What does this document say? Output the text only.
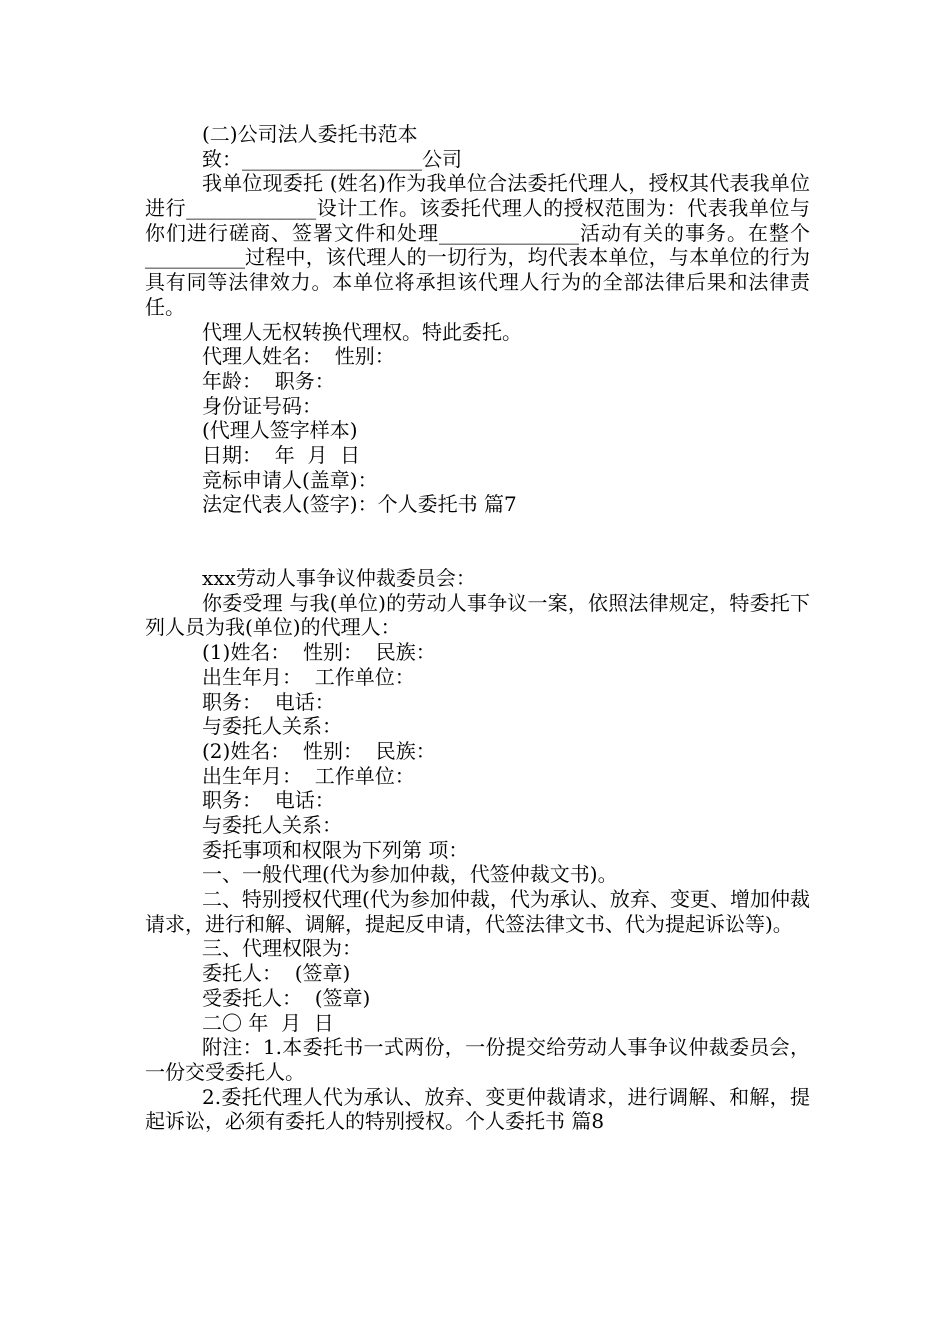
(二)公司法人委托书范本
致：__________________公司
我单位现委托 (姓名)作为我单位合法委托代理人，授权其代表我单位进行_____________设计工作。该委托代理人的授权范围为：代表我单位与你们进行磋商、签署文件和处理______________活动有关的事务。在整个__________过程中，该代理人的一切行为，均代表本单位，与本单位的行为具有同等法律效力。本单位将承担该代理人行为的全部法律后果和法律责任。
代理人无权转换代理权。特此委托。
代理人姓名：  性别：
年龄：  职务：
身份证号码：
(代理人签字样本)
日期：  年  月  日
竞标申请人(盖章)：
法定代表人(签字)：个人委托书 篇7
xxx劳动人事争议仲裁委员会：
你委受理 与我(单位)的劳动人事争议一案，依照法律规定，特委托下列人员为我(单位)的代理人：
(1)姓名：  性别：  民族：
出生年月：  工作单位：
职务：  电话：
与委托人关系：
(2)姓名：  性别：  民族：
出生年月：  工作单位：
职务：  电话：
与委托人关系：
委托事项和权限为下列第 项：
一、一般代理(代为参加仲裁，代签仲裁文书)。
二、特别授权代理(代为参加仲裁，代为承认、放弃、变更、增加仲裁请求，进行和解、调解，提起反申请，代签法律文书、代为提起诉讼等)。
三、代理权限为：
委托人：  (签章)
受委托人：  (签章)
二〇 年  月  日
附注：1.本委托书一式两份，一份提交给劳动人事争议仲裁委员会，一份交受委托人。
2.委托代理人代为承认、放弃、变更仲裁请求，进行调解、和解，提起诉讼，必须有委托人的特别授权。个人委托书 篇8
